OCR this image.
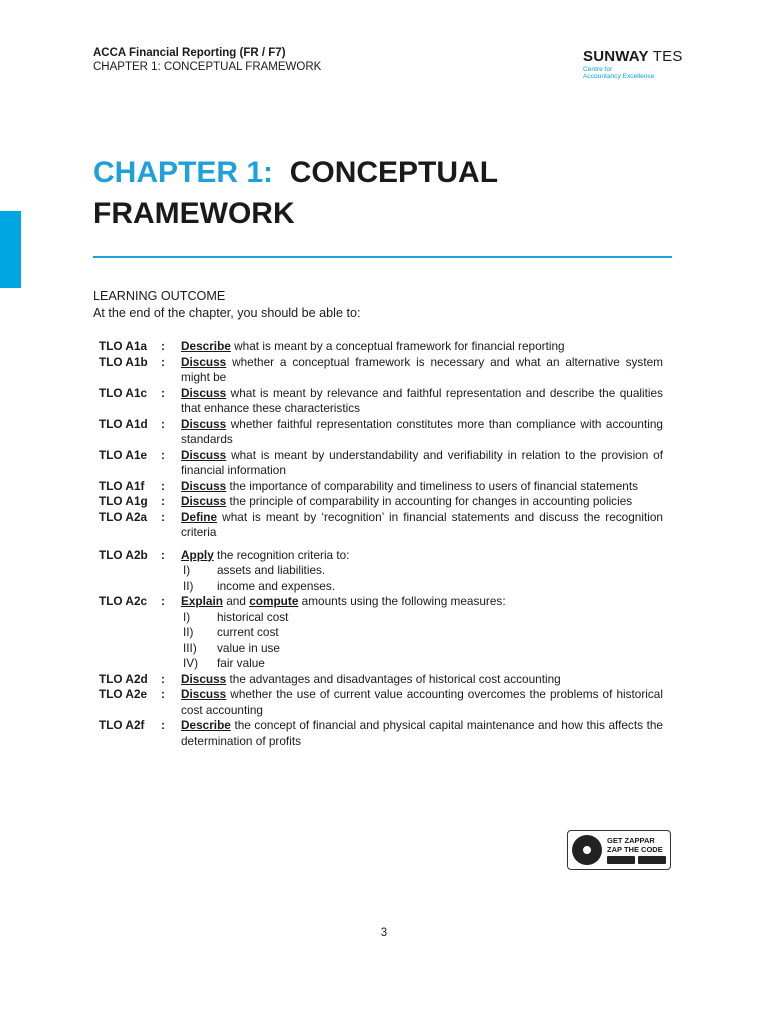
ACCA Financial Reporting (FR / F7)
CHAPTER 1: CONCEPTUAL FRAMEWORK
SUNWAY TES
Centre for
Accountancy Excellence
CHAPTER 1: CONCEPTUAL
FRAMEWORK
LEARNING OUTCOME
At the end of the chapter, you should be able to:
TLO A1a	:	Describe what is meant by a conceptual framework for financial reporting
TLO A1b	:	Discuss whether a conceptual framework is necessary and what an alternative system might be
TLO A1c	:	Discuss what is meant by relevance and faithful representation and describe the qualities that enhance these characteristics
TLO A1d	:	Discuss whether faithful representation constitutes more than compliance with accounting standards
TLO A1e	:	Discuss what is meant by understandability and verifiability in relation to the provision of financial information
TLO A1f	:	Discuss the importance of comparability and timeliness to users of financial statements
TLO A1g	:	Discuss the principle of comparability in accounting for changes in accounting policies
TLO A2a	:	Define what is meant by ‘recognition’ in financial statements and discuss the recognition criteria
TLO A2b	:	Apply the recognition criteria to:
I)	assets and liabilities.
II)	income and expenses.
TLO A2c	:	Explain and compute amounts using the following measures:
I)	historical cost
II)	current cost
III)	value in use
IV)	fair value
TLO A2d	:	Discuss the advantages and disadvantages of historical cost accounting
TLO A2e	:	Discuss whether the use of current value accounting overcomes the problems of historical cost accounting
TLO A2f	:	Describe the concept of financial and physical capital maintenance and how this affects the determination of profits
GET ZAPPAR
ZAP THE CODE
3
